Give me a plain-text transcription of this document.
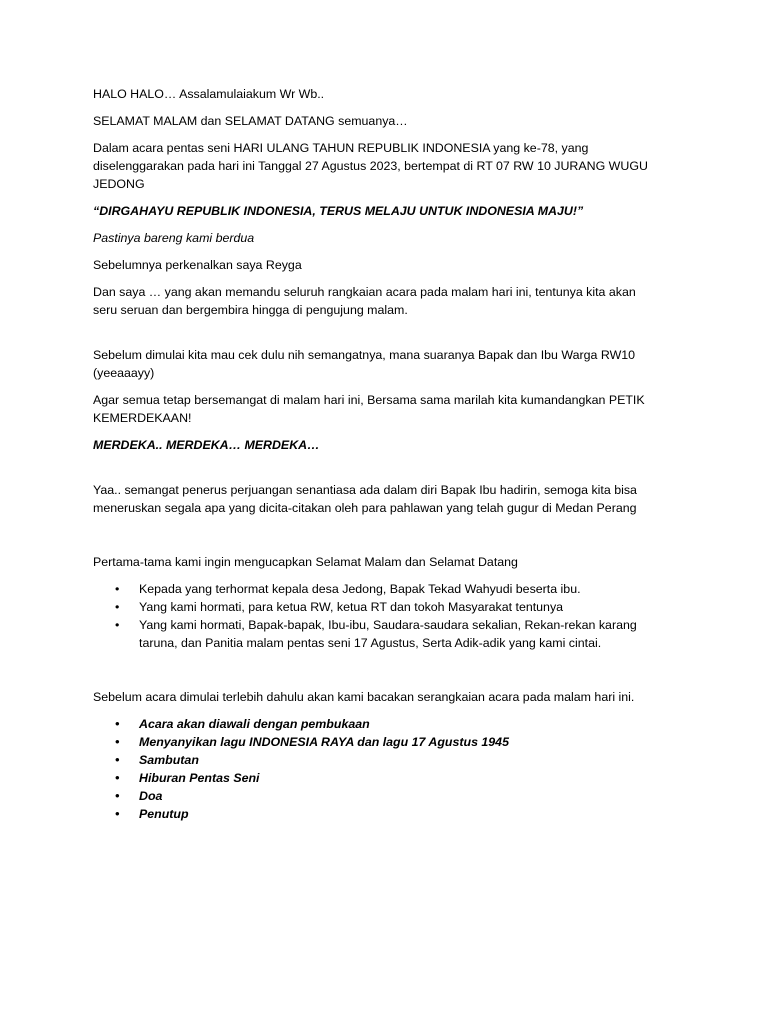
HALO HALO… Assalamulaiakum Wr Wb..

SELAMAT MALAM dan SELAMAT DATANG semuanya…

Dalam acara pentas seni HARI ULANG TAHUN REPUBLIK INDONESIA yang ke-78, yang
diselenggarakan pada hari ini Tanggal 27 Agustus 2023, bertempat di RT 07 RW 10 JURANG WUGU
JEDONG

“DIRGAHAYU REPUBLIK INDONESIA, TERUS MELAJU UNTUK INDONESIA MAJU!”

Pastinya bareng kami berdua

Sebelumnya perkenalkan saya Reyga

Dan saya … yang akan memandu seluruh rangkaian acara pada malam hari ini, tentunya kita akan
seru seruan dan bergembira hingga di pengujung malam.
Sebelum dimulai kita mau cek dulu nih semangatnya, mana suaranya Bapak dan Ibu Warga RW10
(yeeaaayy)
Agar semua tetap bersemangat di malam hari ini, Bersama sama marilah kita kumandangkan PETIK
KEMERDEKAAN!

MERDEKA.. MERDEKA… MERDEKA…

Yaa.. semangat penerus perjuangan senantiasa ada dalam diri Bapak Ibu hadirin, semoga kita bisa
meneruskan segala apa yang dicita-citakan oleh para pahlawan yang telah gugur di Medan Perang

Pertama-tama kami ingin mengucapkan Selamat Malam dan Selamat Datang

• Kepada yang terhormat kepala desa Jedong, Bapak Tekad Wahyudi beserta ibu.
• Yang kami hormati, para ketua RW, ketua RT dan tokoh Masyarakat tentunya
• Yang kami hormati, Bapak-bapak, Ibu-ibu, Saudara-saudara sekalian, Rekan-rekan karang
taruna, dan Panitia malam pentas seni 17 Agustus, Serta Adik-adik yang kami cintai.

Sebelum acara dimulai terlebih dahulu akan kami bacakan serangkaian acara pada malam hari ini.

• Acara akan diawali dengan pembukaan
• Menyanyikan lagu INDONESIA RAYA dan lagu 17 Agustus 1945
• Sambutan
• Hiburan Pentas Seni
• Doa
• Penutup
